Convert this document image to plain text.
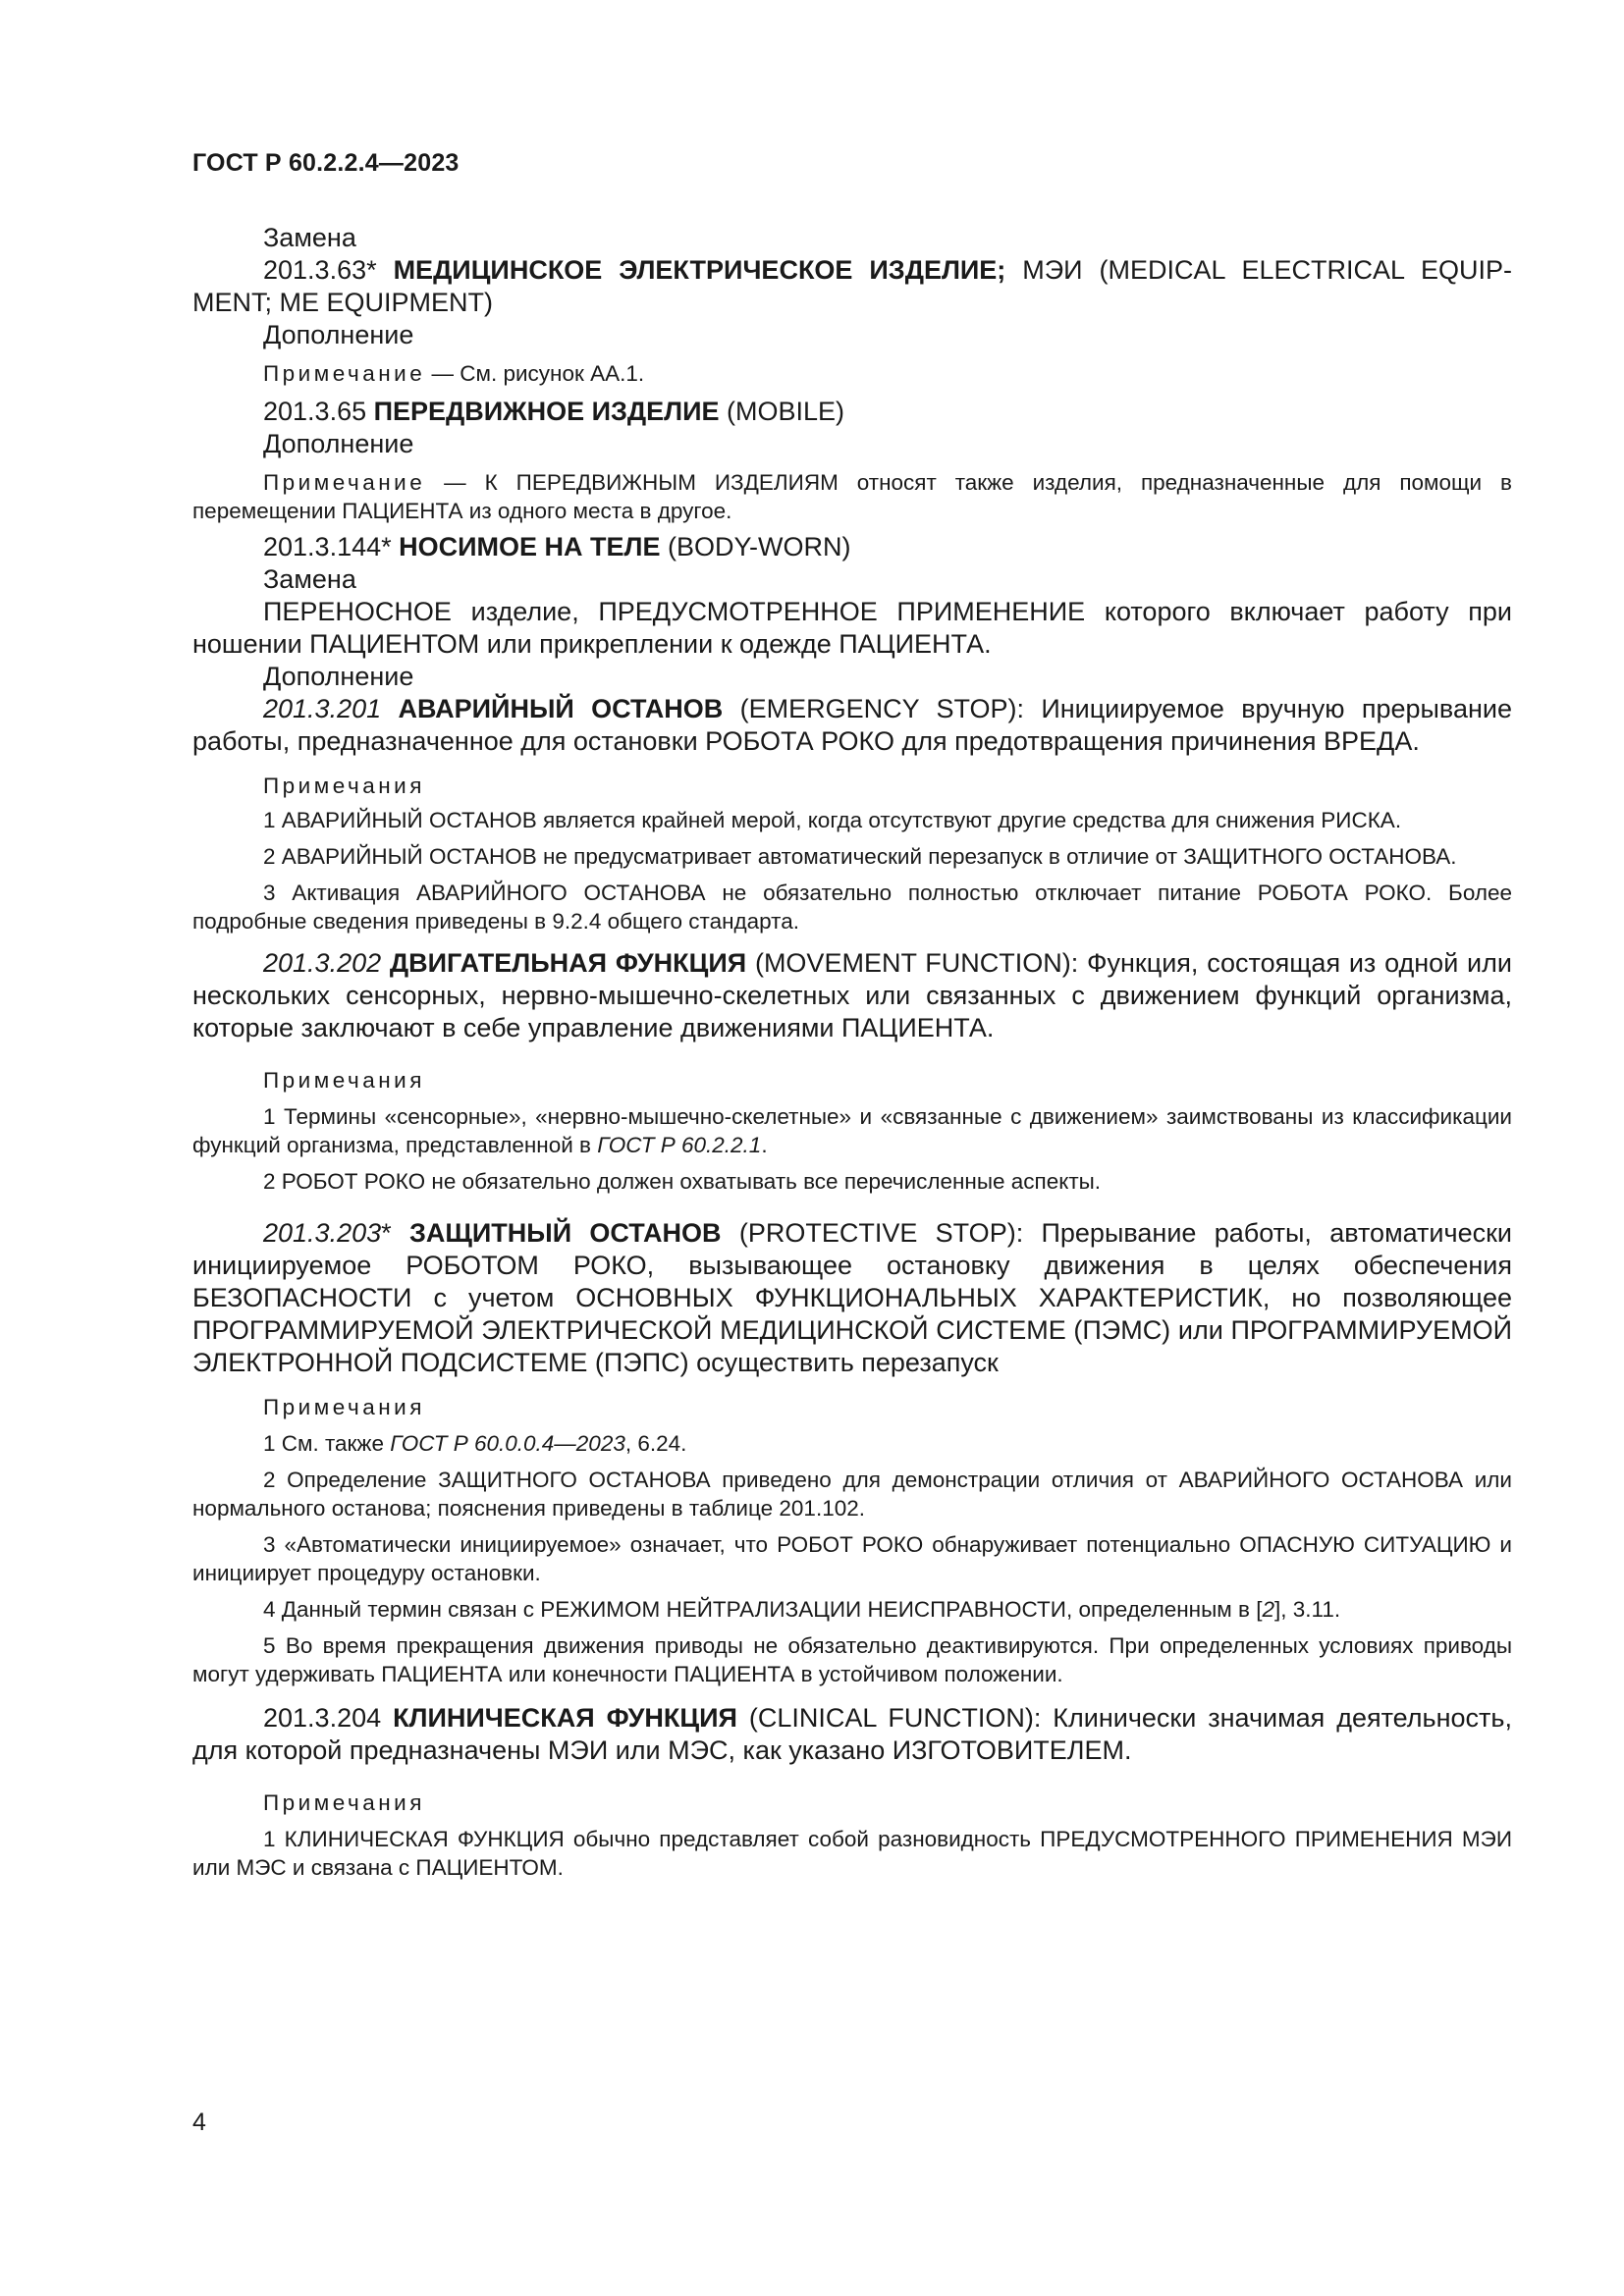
ГОСТ Р 60.2.2.4—2023

Замена

201.3.63* МЕДИЦИНСКОЕ ЭЛЕКТРИЧЕСКОЕ ИЗДЕЛИЕ; МЭИ (MEDICAL ELECTRICAL EQUIP-MENT; ME EQUIPMENT)

Дополнение

Примечание — См. рисунок АА.1.

201.3.65 ПЕРЕДВИЖНОЕ ИЗДЕЛИЕ (MOBILE)

Дополнение

Примечание — К ПЕРЕДВИЖНЫМ ИЗДЕЛИЯМ относят также изделия, предназначенные для помощи в перемещении ПАЦИЕНТА из одного места в другое.

201.3.144* НОСИМОЕ НА ТЕЛЕ (BODY-WORN)

Замена

ПЕРЕНОСНОЕ изделие, ПРЕДУСМОТРЕННОЕ ПРИМЕНЕНИЕ которого включает работу при ношении ПАЦИЕНТОМ или прикреплении к одежде ПАЦИЕНТА.

Дополнение

201.3.201 АВАРИЙНЫЙ ОСТАНОВ (EMERGENCY STOP): Инициируемое вручную прерывание работы, предназначенное для остановки РОБОТА РОКО для предотвращения причинения ВРЕДА.

Примечания

1 АВАРИЙНЫЙ ОСТАНОВ является крайней мерой, когда отсутствуют другие средства для снижения РИСКА.

2 АВАРИЙНЫЙ ОСТАНОВ не предусматривает автоматический перезапуск в отличие от ЗАЩИТНОГО ОСТАНОВА.

3 Активация АВАРИЙНОГО ОСТАНОВА не обязательно полностью отключает питание РОБОТА РОКО. Более подробные сведения приведены в 9.2.4 общего стандарта.

201.3.202 ДВИГАТЕЛЬНАЯ ФУНКЦИЯ (MOVEMENT FUNCTION): Функция, состоящая из одной или нескольких сенсорных, нервно-мышечно-скелетных или связанных с движением функций организма, которые заключают в себе управление движениями ПАЦИЕНТА.

Примечания

1 Термины «сенсорные», «нервно-мышечно-скелетные» и «связанные с движением» заимствованы из классификации функций организма, представленной в ГОСТ Р 60.2.2.1.

2 РОБОТ РОКО не обязательно должен охватывать все перечисленные аспекты.

201.3.203* ЗАЩИТНЫЙ ОСТАНОВ (PROTECTIVE STOP): Прерывание работы, автоматически инициируемое РОБОТОМ РОКО, вызывающее остановку движения в целях обеспечения БЕЗОПАСНОСТИ с учетом ОСНОВНЫХ ФУНКЦИОНАЛЬНЫХ ХАРАКТЕРИСТИК, но позволяющее ПРОГРАММИРУЕМОЙ ЭЛЕКТРИЧЕСКОЙ МЕДИЦИНСКОЙ СИСТЕМЕ (ПЭМС) или ПРОГРАММИРУЕМОЙ ЭЛЕКТРОННОЙ ПОДСИСТЕМЕ (ПЭПС) осуществить перезапуск

Примечания

1 См. также ГОСТ Р 60.0.0.4—2023, 6.24.

2 Определение ЗАЩИТНОГО ОСТАНОВА приведено для демонстрации отличия от АВАРИЙНОГО ОСТАНОВА или нормального останова; пояснения приведены в таблице 201.102.

3 «Автоматически инициируемое» означает, что РОБОТ РОКО обнаруживает потенциально ОПАСНУЮ СИТУАЦИЮ и инициирует процедуру остановки.

4 Данный термин связан с РЕЖИМОМ НЕЙТРАЛИЗАЦИИ НЕИСПРАВНОСТИ, определенным в [2], 3.11.

5 Во время прекращения движения приводы не обязательно деактивируются. При определенных условиях приводы могут удерживать ПАЦИЕНТА или конечности ПАЦИЕНТА в устойчивом положении.

201.3.204 КЛИНИЧЕСКАЯ ФУНКЦИЯ (CLINICAL FUNCTION): Клинически значимая деятельность, для которой предназначены МЭИ или МЭС, как указано ИЗГОТОВИТЕЛЕМ.

Примечания

1 КЛИНИЧЕСКАЯ ФУНКЦИЯ обычно представляет собой разновидность ПРЕДУСМОТРЕННОГО ПРИМЕНЕНИЯ МЭИ или МЭС и связана с ПАЦИЕНТОМ.

4
